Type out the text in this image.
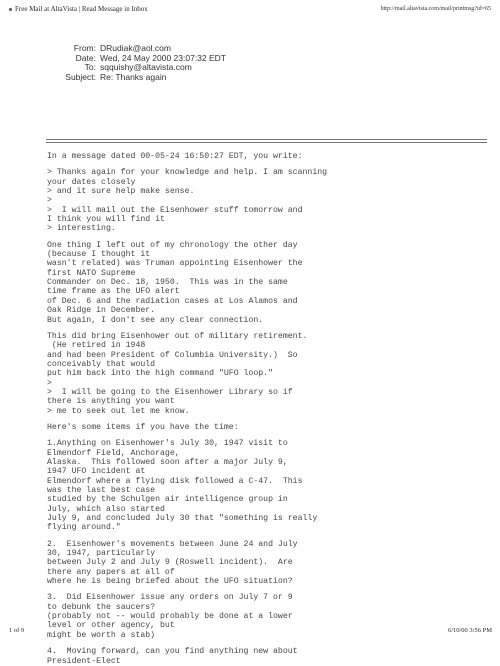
Free Mail at AltaVista | Read Message in Inbox	http://mail.altavista.com/mail/printmsg?id=65
From: DRudiak@aol.com
Date: Wed, 24 May 2000 23:07:32 EDT
To: sqquishy@altavista.com
Subject: Re: Thanks again
In a message dated 00-05-24 16:50:27 EDT, you write:
> Thanks again for your knowledge and help. I am scanning
your dates closely
> and it sure help make sense.
>
>  I will mail out the Eisenhower stuff tomorrow and
I think you will find it
> interesting.
One thing I left out of my chronology the other day
(because I thought it
wasn't related) was Truman appointing Eisenhower the
first NATO Supreme
Commander on Dec. 18, 1950.  This was in the same
time frame as the UFO alert
of Dec. 6 and the radiation cases at Los Alamos and
Oak Ridge in December.
But again, I don't see any clear connection.
This did bring Eisenhower out of military retirement.
(He retired in 1948
and had been President of Columbia University.)  So
conceivably that would
put him back into the high command "UFO loop."
>
>  I will be going to the Eisenhower Library so if
there is anything you want
> me to seek out let me know.
Here's some items if you have the time:
1.Anything on Eisenhower's July 30, 1947 visit to
Elmendorf Field, Anchorage,
Alaska.  This followed soon after a major July 9,
1947 UFO incident at
Elmendorf where a flying disk followed a C-47.  This
was the last best case
studied by the Schulgen air intelligence group in
July, which also started
July 9, and concluded July 30 that "something is really
flying around."
2.  Eisenhower's movements between June 24 and July
30, 1947, particularly
between July 2 and July 9 (Roswell incident).  Are
there any papers at all of
where he is being briefed about the UFO situation?
3.  Did Eisenhower issue any orders on July 7 or 9
to debunk the saucers?
(probably not -- would probably be done at a lower
level or other agency, but
might be worth a stab)
4.  Moving forward, can you find anything new about
President-Elect
1 of 9	6/10/00 3:56 PM
